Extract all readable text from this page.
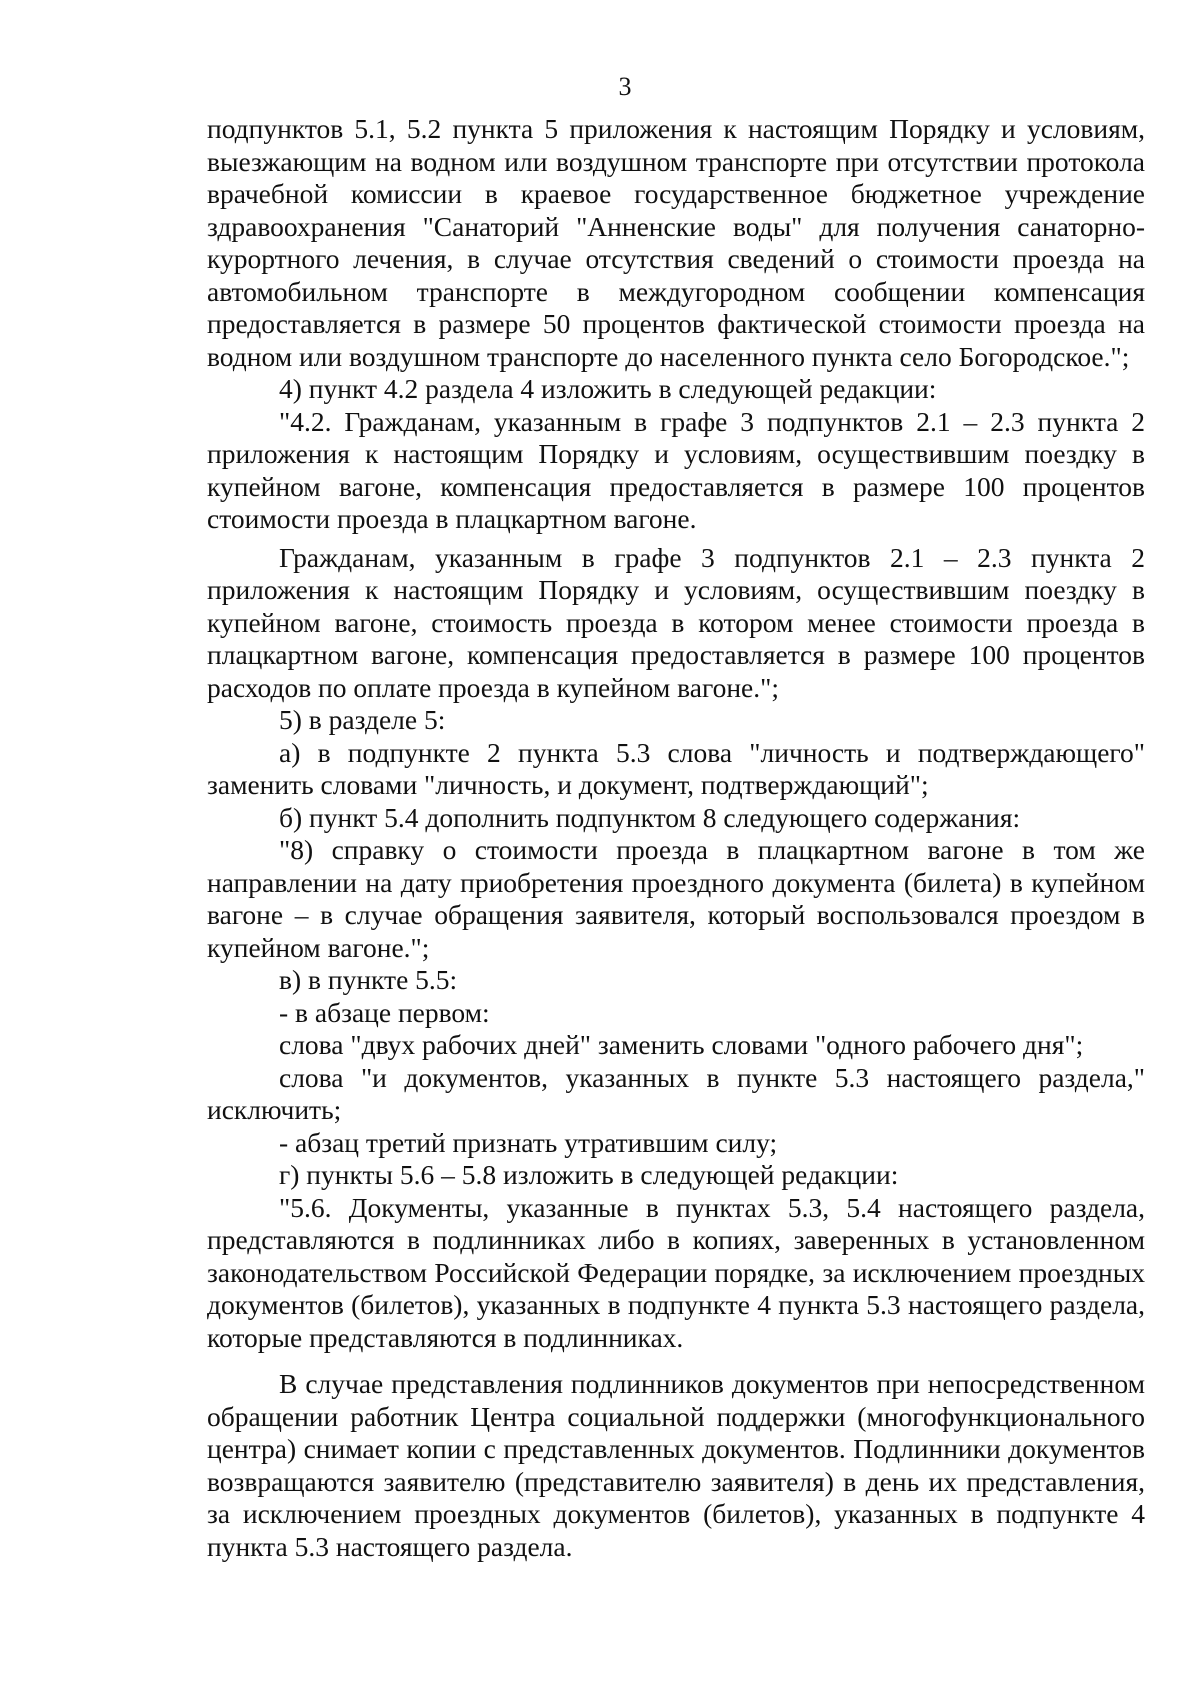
3

подпунктов 5.1, 5.2 пункта 5 приложения к настоящим Порядку и условиям, выезжающим на водном или воздушном транспорте при отсутствии протокола врачебной комиссии в краевое государственное бюджетное учреждение здравоохранения "Санаторий "Анненские воды" для получения санаторно-курортного лечения, в случае отсутствия сведений о стоимости проезда на автомобильном транспорте в междугородном сообщении компенсация предоставляется в размере 50 процентов фактической стоимости проезда на водном или воздушном транспорте до населенного пункта село Богородское.";

4) пункт 4.2 раздела 4 изложить в следующей редакции:

"4.2. Гражданам, указанным в графе 3 подпунктов 2.1 – 2.3 пункта 2 приложения к настоящим Порядку и условиям, осуществившим поездку в купейном вагоне, компенсация предоставляется в размере 100 процентов стоимости проезда в плацкартном вагоне.

Гражданам, указанным в графе 3 подпунктов 2.1 – 2.3 пункта 2 приложения к настоящим Порядку и условиям, осуществившим поездку в купейном вагоне, стоимость проезда в котором менее стоимости проезда в плацкартном вагоне, компенсация предоставляется в размере 100 процентов расходов по оплате проезда в купейном вагоне.";

5) в разделе 5:

а) в подпункте 2 пункта 5.3 слова "личность и подтверждающего" заменить словами "личность, и документ, подтверждающий";

б) пункт 5.4 дополнить подпунктом 8 следующего содержания:

"8) справку о стоимости проезда в плацкартном вагоне в том же направлении на дату приобретения проездного документа (билета) в купейном вагоне – в случае обращения заявителя, который воспользовался проездом в купейном вагоне.";

в) в пункте 5.5:

- в абзаце первом:

слова "двух рабочих дней" заменить словами "одного рабочего дня";

слова "и документов, указанных в пункте 5.3 настоящего раздела," исключить;

- абзац третий признать утратившим силу;

г) пункты 5.6 – 5.8 изложить в следующей редакции:

"5.6. Документы, указанные в пунктах 5.3, 5.4 настоящего раздела, представляются в подлинниках либо в копиях, заверенных в установленном законодательством Российской Федерации порядке, за исключением проездных документов (билетов), указанных в подпункте 4 пункта 5.3 настоящего раздела, которые представляются в подлинниках.

В случае представления подлинников документов при непосредственном обращении работник Центра социальной поддержки (многофункционального центра) снимает копии с представленных документов. Подлинники документов возвращаются заявителю (представителю заявителя) в день их представления, за исключением проездных документов (билетов), указанных в подпункте 4 пункта 5.3 настоящего раздела.
